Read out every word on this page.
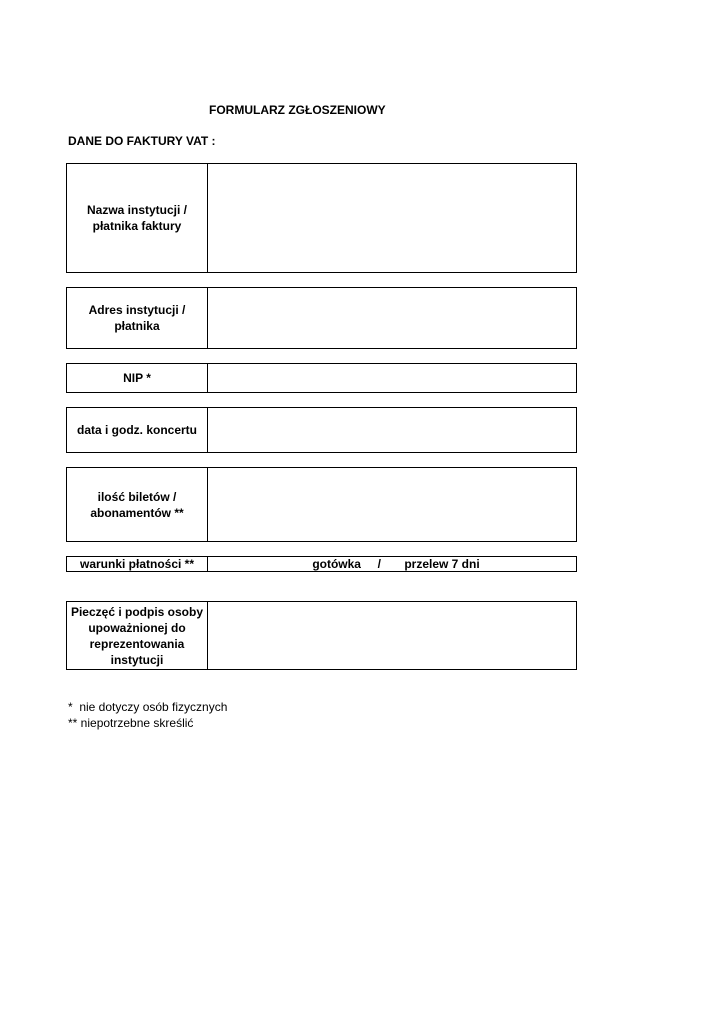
FORMULARZ ZGŁOSZENIOWY
DANE DO FAKTURY VAT :
Nazwa instytucji /
płatnika faktury
Adres instytucji /
płatnika
NIP *
data i godz. koncertu
ilość biletów /
abonamentów **
warunki płatności **	gotówka     /       przelew 7 dni
Pieczęć i podpis osoby
upoważnionej do
reprezentowania
instytucji
*  nie dotyczy osób fizycznych
** niepotrzebne skreślić
